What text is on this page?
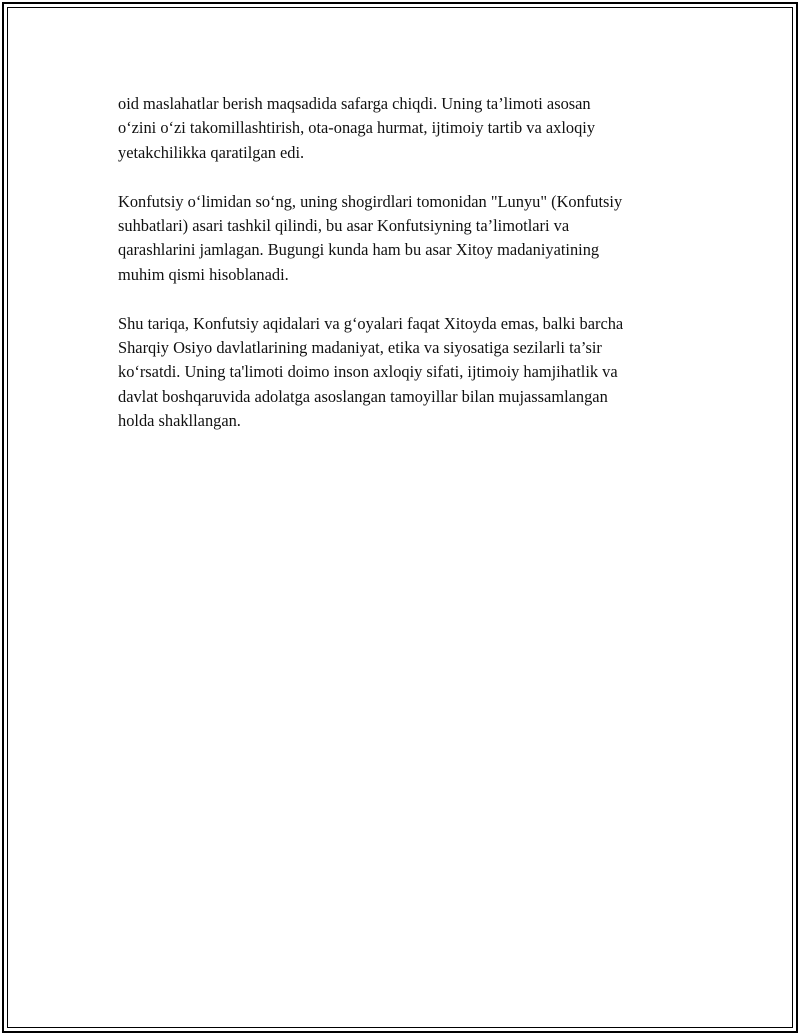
oid maslahatlar berish maqsadida safarga chiqdi. Uning ta’limoti asosan
o‘zini o‘zi takomillashtirish, ota-onaga hurmat, ijtimoiy tartib va axloqiy
yetakchilikka qaratilgan edi.

Konfutsiy o‘limidan so‘ng, uning shogirdlari tomonidan "Lunyu" (Konfutsiy
suhbatlari) asari tashkil qilindi, bu asar Konfutsiyning ta’limotlari va
qarashlarini jamlagan. Bugungi kunda ham bu asar Xitoy madaniyatining
muhim qismi hisoblanadi.

Shu tariqa, Konfutsiy aqidalari va g‘oyalari faqat Xitoyda emas, balki barcha
Sharqiy Osiyo davlatlarining madaniyat, etika va siyosatiga sezilarli ta’sir
ko‘rsatdi. Uning ta'limoti doimo inson axloqiy sifati, ijtimoiy hamjihatlik va
davlat boshqaruvida adolatga asoslangan tamoyillar bilan mujassamlangan
holda shakllangan.
